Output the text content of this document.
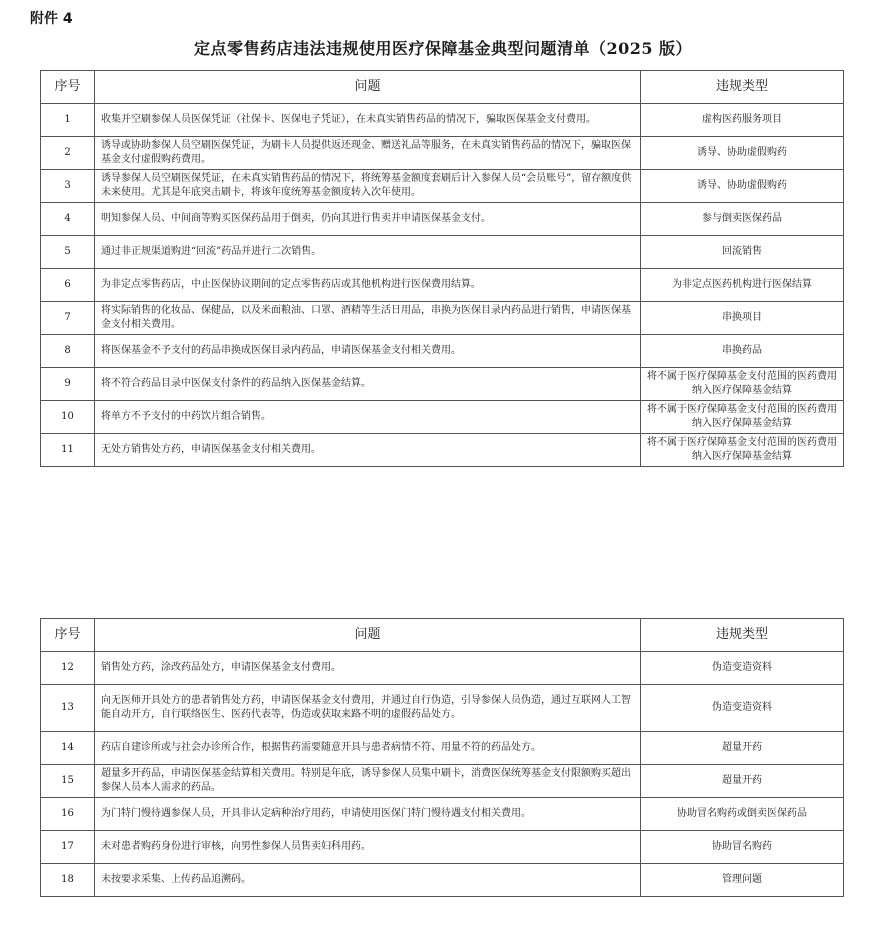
附件 4
定点零售药店违法违规使用医疗保障基金典型问题清单（2025 版）
序号	问题	违规类型
1	收集并空刷参保人员医保凭证（社保卡、医保电子凭证），在未真实销售药品的情况下，骗取医保基金支付费用。	虚构医药服务项目
2	诱导或协助参保人员空刷医保凭证，为刷卡人员提供返还现金、赠送礼品等服务，在未真实销售药品的情况下，骗取医保基金支付虚假购药费用。	诱导、协助虚假购药
3	诱导参保人员空刷医保凭证，在未真实销售药品的情况下，将统筹基金额度套刷后计入参保人员“会员账号”，留存额度供未来使用。尤其是年底突击刷卡，将该年度统筹基金额度转入次年使用。	诱导、协助虚假购药
4	明知参保人员、中间商等购买医保药品用于倒卖，仍向其进行售卖并申请医保基金支付。	参与倒卖医保药品
5	通过非正规渠道购进“回流”药品并进行二次销售。	回流销售
6	为非定点零售药店，中止医保协议期间的定点零售药店或其他机构进行医保费用结算。	为非定点医药机构进行医保结算
7	将实际销售的化妆品、保健品，以及米面粮油、口罩、酒精等生活日用品，串换为医保目录内药品进行销售，申请医保基金支付相关费用。	串换项目
8	将医保基金不予支付的药品串换成医保目录内药品，申请医保基金支付相关费用。	串换药品
9	将不符合药品目录中医保支付条件的药品纳入医保基金结算。	将不属于医疗保障基金支付范围的医药费用纳入医疗保障基金结算
10	将单方不予支付的中药饮片组合销售。	将不属于医疗保障基金支付范围的医药费用纳入医疗保障基金结算
11	无处方销售处方药，申请医保基金支付相关费用。	将不属于医疗保障基金支付范围的医药费用纳入医疗保障基金结算
序号	问题	违规类型
12	销售处方药，涂改药品处方，申请医保基金支付费用。	伪造变造资料
13	向无医师开具处方的患者销售处方药，申请医保基金支付费用，并通过自行伪造，引导参保人员伪造，通过互联网人工智能自动开方，自行联络医生、医药代表等，伪造或获取来路不明的虚假药品处方。	伪造变造资料
14	药店自建诊所或与社会办诊所合作，根据售药需要随意开具与患者病情不符、用量不符的药品处方。	超量开药
15	超量多开药品，申请医保基金结算相关费用。特别是年底，诱导参保人员集中刷卡，消费医保统筹基金支付限额购买超出参保人员本人需求的药品。	超量开药
16	为门特门慢待遇参保人员，开具非认定病种治疗用药，申请使用医保门特门慢待遇支付相关费用。	协助冒名购药或倒卖医保药品
17	未对患者购药身份进行审核，向男性参保人员售卖妇科用药。	协助冒名购药
18	未按要求采集、上传药品追溯码。	管理问题
